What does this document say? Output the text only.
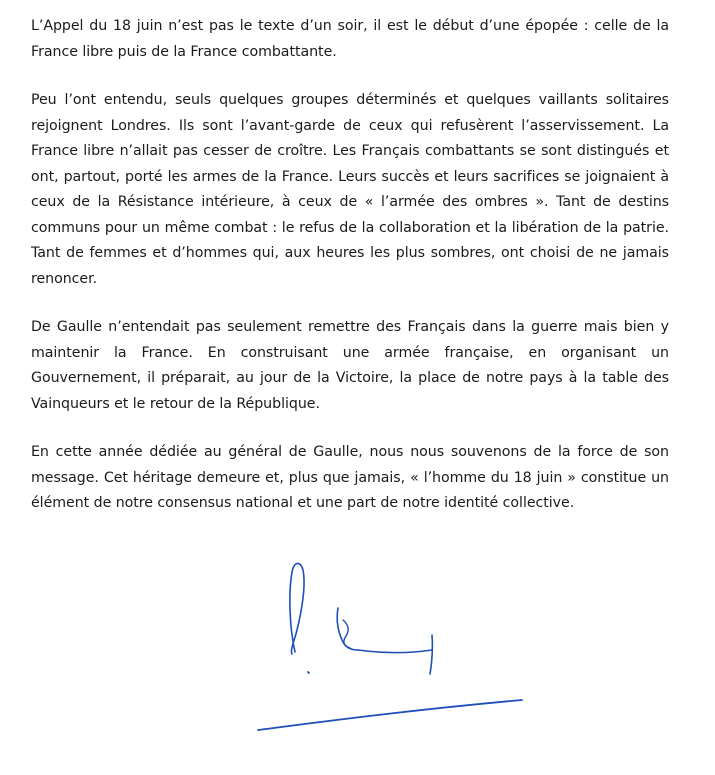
L’Appel du 18 juin n’est pas le texte d’un soir, il est le début d’une épopée : celle de la France libre puis de la France combattante.

Peu l’ont entendu, seuls quelques groupes déterminés et quelques vaillants solitaires rejoignent Londres. Ils sont l’avant-garde de ceux qui refusèrent l’asservissement. La France libre n’allait pas cesser de croître. Les Français combattants se sont distingués et ont, partout, porté les armes de la France. Leurs succès et leurs sacrifices se joignaient à ceux de la Résistance intérieure, à ceux de « l’armée des ombres ». Tant de destins communs pour un même combat : le refus de la collaboration et la libération de la patrie. Tant de femmes et d’hommes qui, aux heures les plus sombres, ont choisi de ne jamais renoncer.

De Gaulle n’entendait pas seulement remettre des Français dans la guerre mais bien y maintenir la France. En construisant une armée française, en organisant un Gouvernement, il préparait, au jour de la Victoire, la place de notre pays à la table des Vainqueurs et le retour de la République.

En cette année dédiée au général de Gaulle, nous nous souvenons de la force de son message. Cet héritage demeure et, plus que jamais, « l’homme du 18 juin » constitue un élément de notre consensus national et une part de notre identité collective.
